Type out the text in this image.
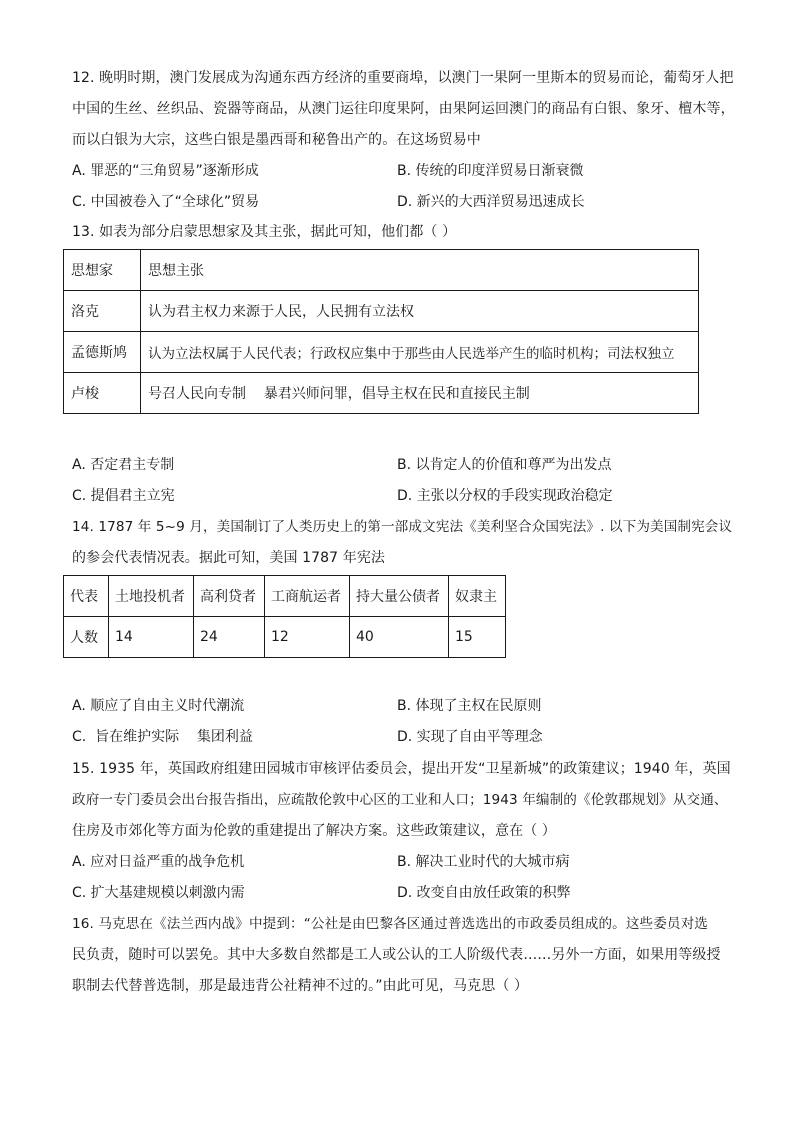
12. 晚明时期，澳门发展成为沟通东西方经济的重要商埠，以澳门一果阿一里斯本的贸易而论，葡萄牙人把
中国的生丝、丝织品、瓷器等商品，从澳门运往印度果阿，由果阿运回澳门的商品有白银、象牙、檀木等，
而以白银为大宗，这些白银是墨西哥和秘鲁出产的。在这场贸易中
A. 罪恶的“三角贸易”逐渐形成	B. 传统的印度洋贸易日渐衰微
C. 中国被卷入了“全球化”贸易	D. 新兴的大西洋贸易迅速成长
13. 如表为部分启蒙思想家及其主张，据此可知，他们都（ ）
思想家	思想主张
洛克	认为君主权力来源于人民，人民拥有立法权
孟德斯鸠	认为立法权属于人民代表；行政权应集中于那些由人民选举产生的临时机构；司法权独立
卢梭	号召人民向专制    暴君兴师问罪，倡导主权在民和直接民主制
A. 否定君主专制	B. 以肯定人的价值和尊严为出发点
C. 提倡君主立宪	D. 主张以分权的手段实现政治稳定
14. 1787 年 5~9 月，美国制订了人类历史上的第一部成文宪法《美利坚合众国宪法》. 以下为美国制宪会议
的参会代表情况表。据此可知，美国 1787 年宪法
代表	土地投机者	高利贷者	工商航运者	持大量公债者	奴隶主
人数	14	24	12	40	15
A. 顺应了自由主义时代潮流	B. 体现了主权在民原则
C.  旨在维护实际    集团利益	D. 实现了自由平等理念
15. 1935 年，英国政府组建田园城市审核评估委员会，提出开发“卫星新城”的政策建议；1940 年，英国
政府一专门委员会出台报告指出，应疏散伦敦中心区的工业和人口；1943 年编制的《伦敦郡规划》从交通、
住房及市郊化等方面为伦敦的重建提出了解决方案。这些政策建议，意在（ ）
A. 应对日益严重的战争危机	B. 解决工业时代的大城市病
C. 扩大基建规模以刺激内需	D. 改变自由放任政策的积弊
16. 马克思在《法兰西内战》中提到：“公社是由巴黎各区通过普选选出的市政委员组成的。这些委员对选
民负责，随时可以罢免。其中大多数自然都是工人或公认的工人阶级代表……另外一方面，如果用等级授
职制去代替普选制，那是最违背公社精神不过的。”由此可见，马克思（ ）
